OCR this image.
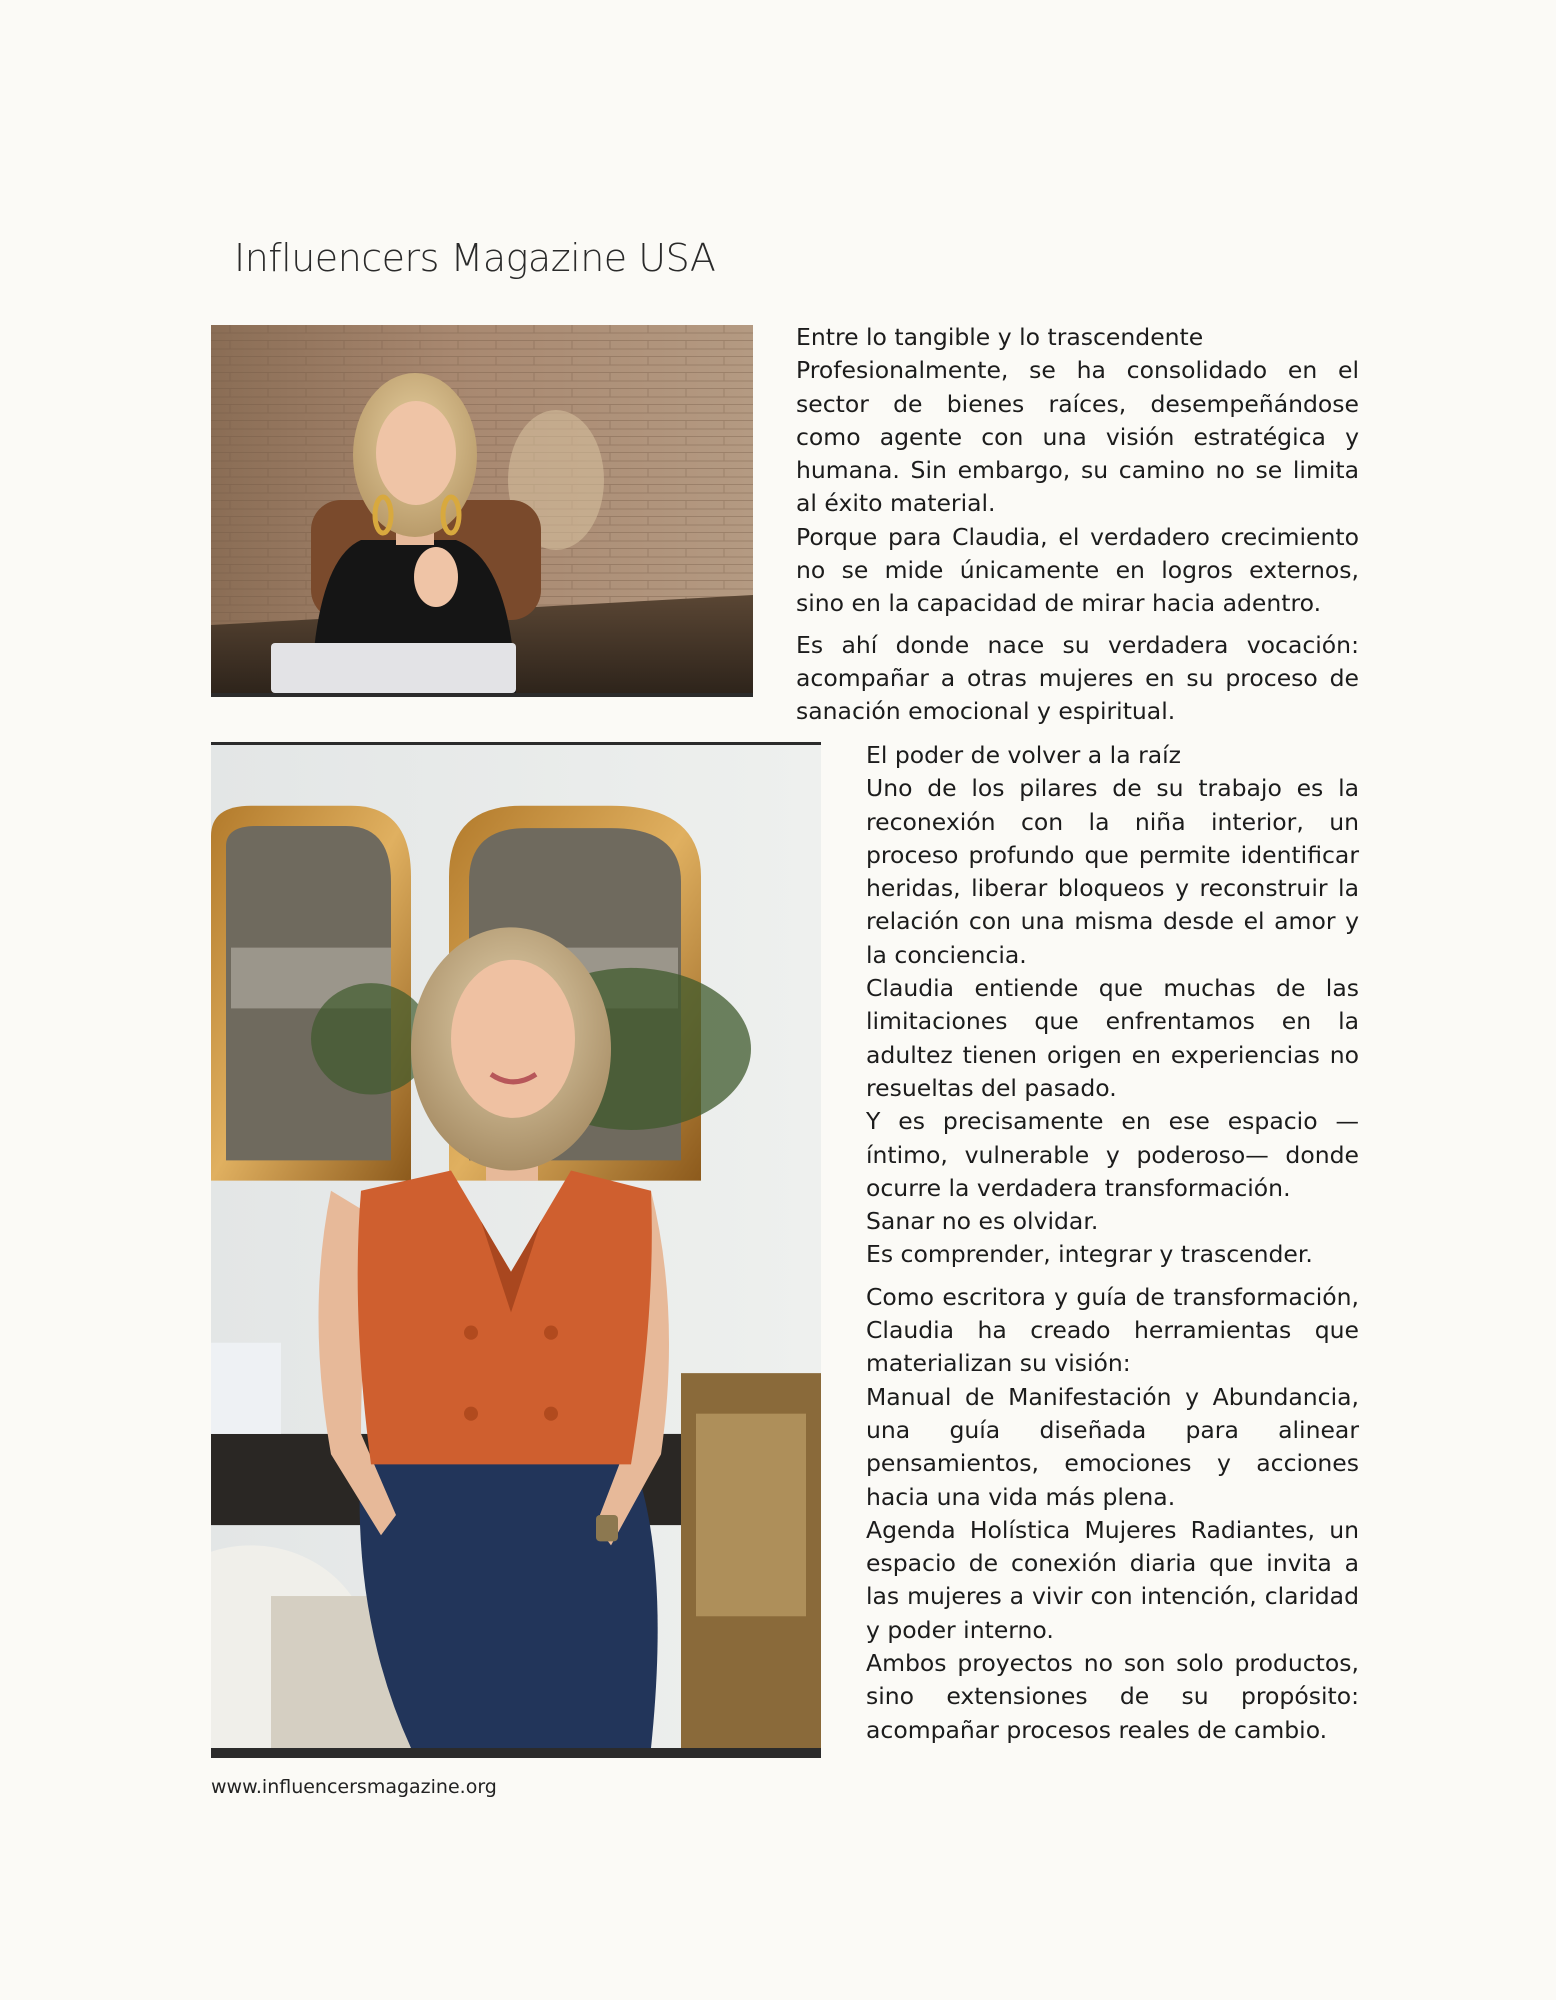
Influencers Magazine USA

Entre lo tangible y lo trascendente

Profesionalmente, se ha consolidado en el sector de bienes raíces, desempeñándose como agente con una visión estratégica y humana. Sin embargo, su camino no se limita al éxito material.

Porque para Claudia, el verdadero crecimiento no se mide únicamente en logros externos, sino en la capacidad de mirar hacia adentro.

Es ahí donde nace su verdadera vocación: acompañar a otras mujeres en su proceso de sanación emocional y espiritual.

El poder de volver a la raíz

Uno de los pilares de su trabajo es la reconexión con la niña interior, un proceso profundo que permite identificar heridas, liberar bloqueos y reconstruir la relación con una misma desde el amor y la conciencia.

Claudia entiende que muchas de las limitaciones que enfrentamos en la adultez tienen origen en experiencias no resueltas del pasado.

Y es precisamente en ese espacio —íntimo, vulnerable y poderoso— donde ocurre la verdadera transformación.

Sanar no es olvidar.

Es comprender, integrar y trascender.

Como escritora y guía de transformación, Claudia ha creado herramientas que materializan su visión:

Manual de Manifestación y Abundancia, una guía diseñada para alinear pensamientos, emociones y acciones hacia una vida más plena.

Agenda Holística Mujeres Radiantes, un espacio de conexión diaria que invita a las mujeres a vivir con intención, claridad y poder interno.

Ambos proyectos no son solo productos, sino extensiones de su propósito: acompañar procesos reales de cambio.

www.influencersmagazine.org
